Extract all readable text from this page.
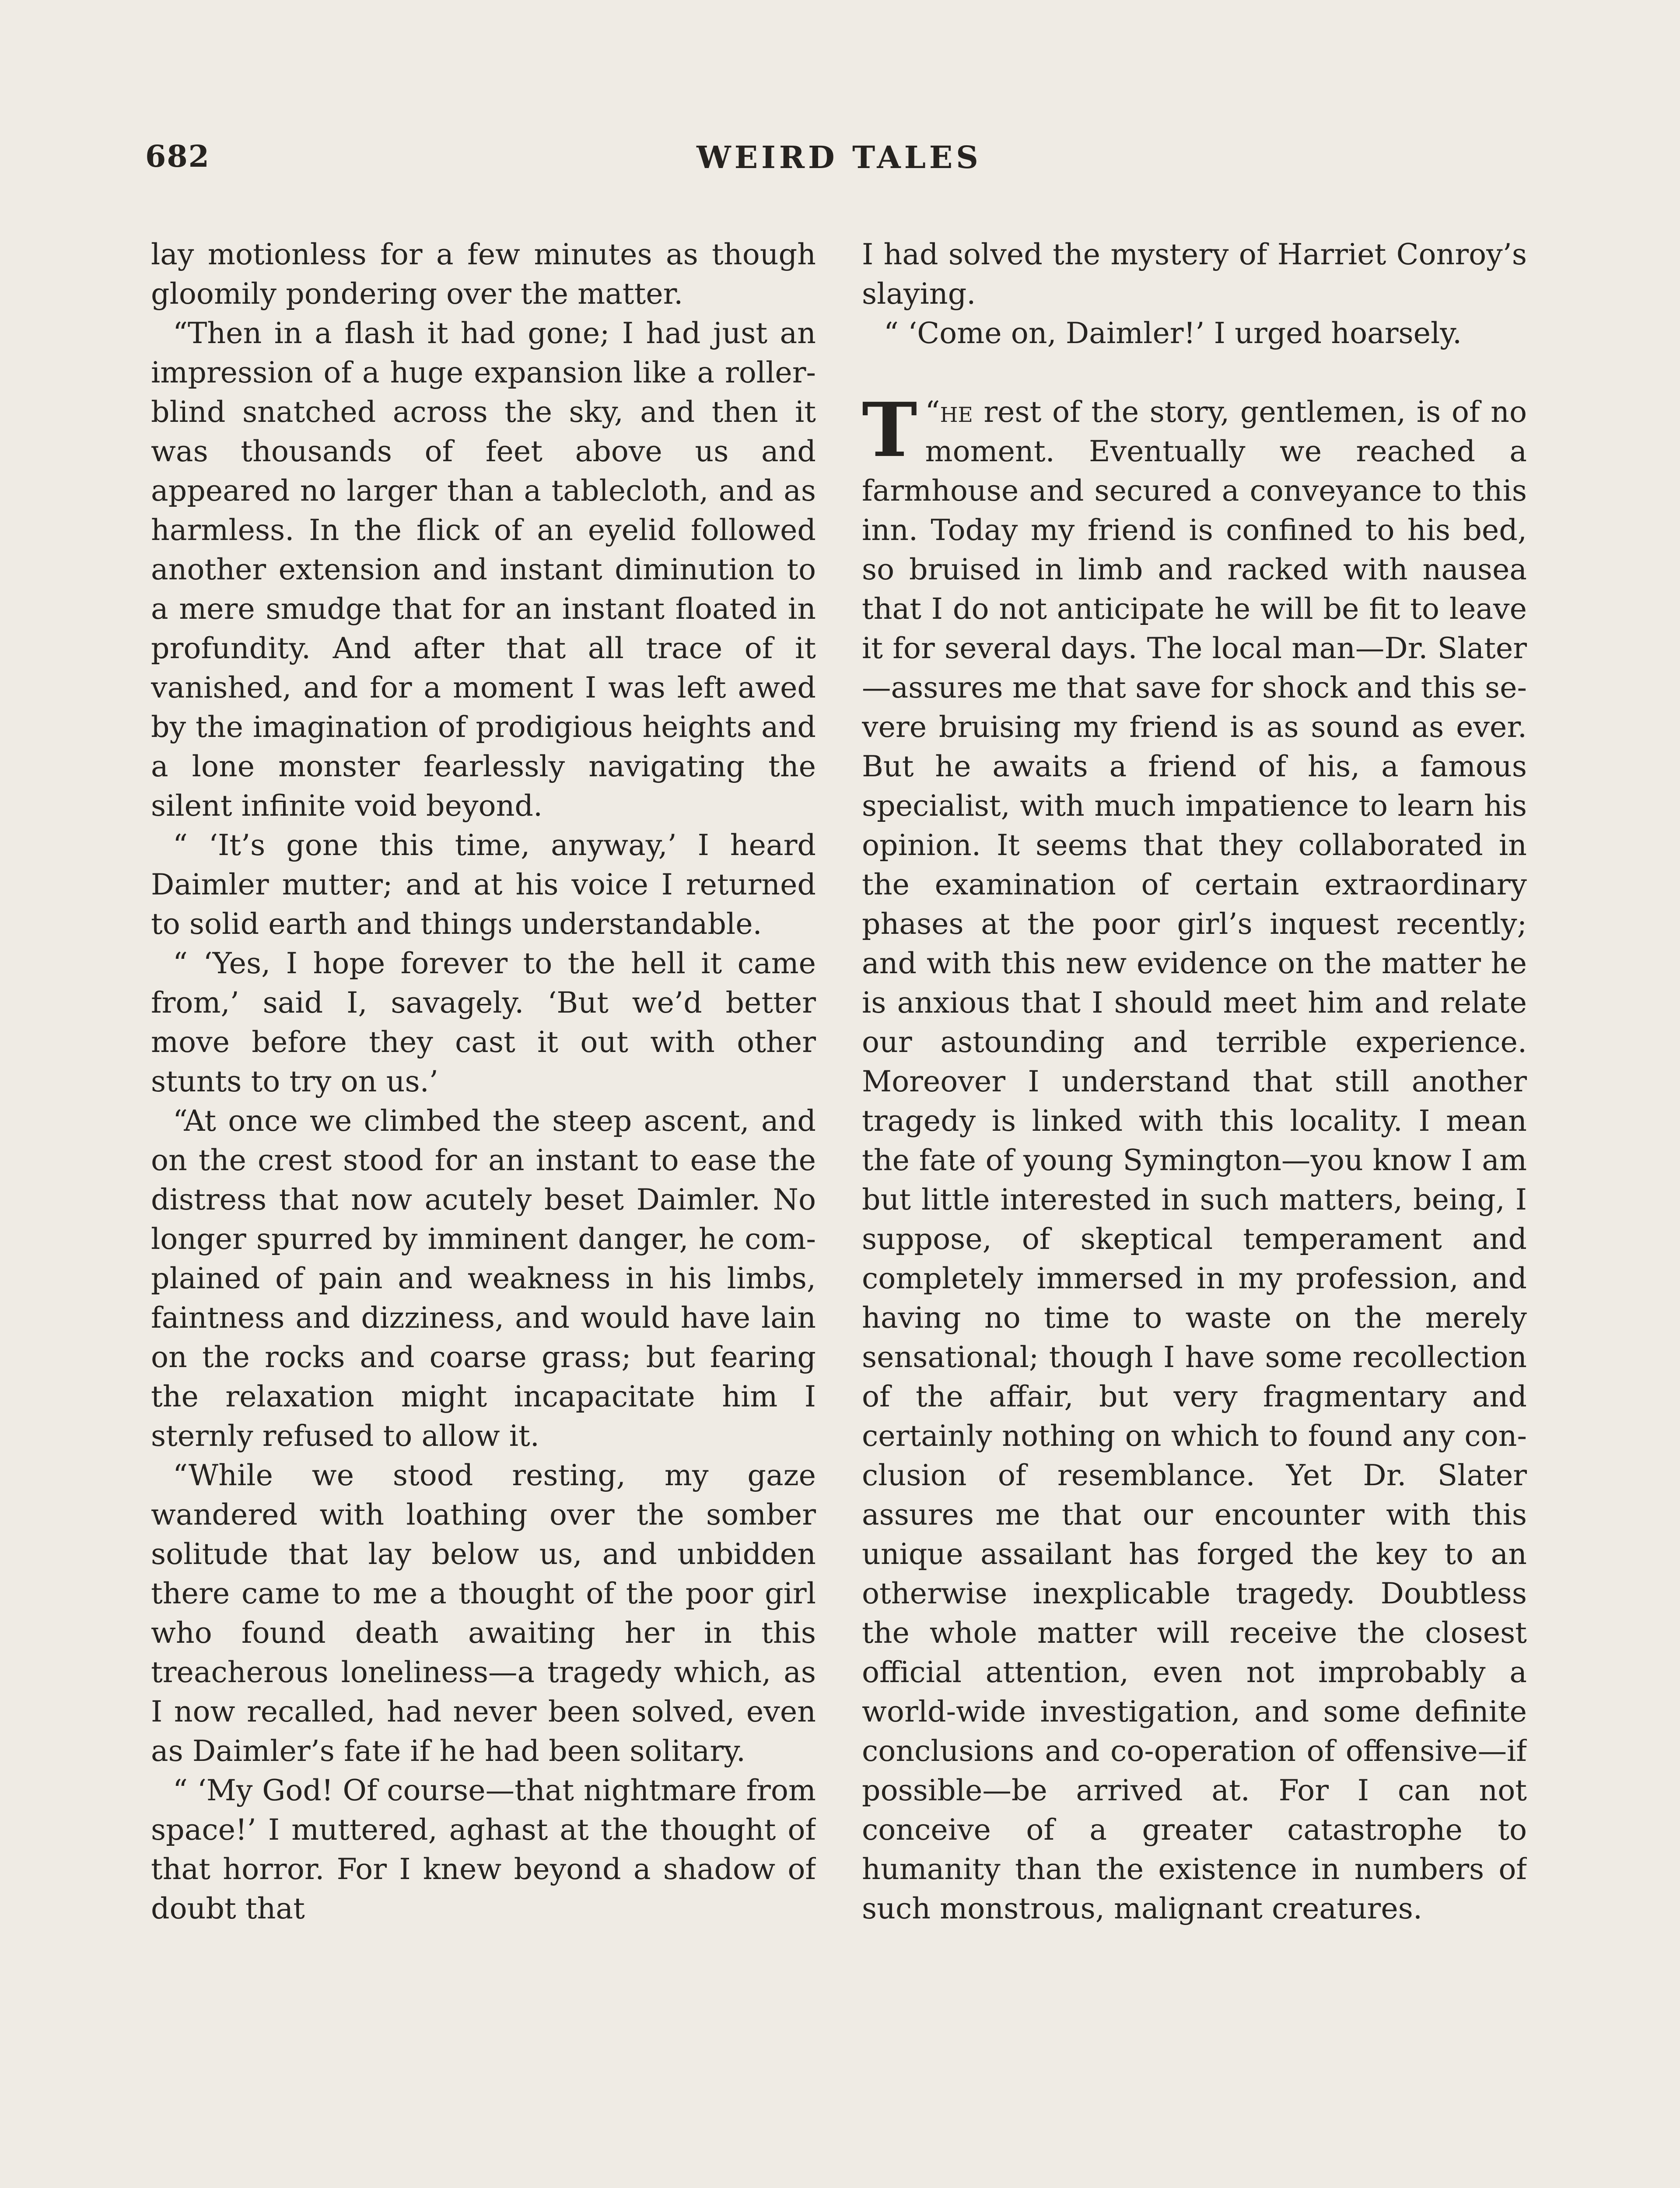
682	WEIRD TALES

lay motionless for a few minutes as though gloomily pondering over the matter.

“Then in a flash it had gone; I had just an impression of a huge expansion like a roller-blind snatched across the sky, and then it was thousands of feet above us and appeared no larger than a tablecloth, and as harmless. In the flick of an eyelid followed another extension and instant diminution to a mere smudge that for an instant floated in profundity. And after that all trace of it vanished, and for a moment I was left awed by the imagination of prodigious heights and a lone monster fearlessly navigating the silent infinite void beyond.

“ ‘It’s gone this time, anyway,’ I heard Daimler mutter; and at his voice I returned to solid earth and things understandable.

“ ‘Yes, I hope forever to the hell it came from,’ said I, savagely. ‘But we’d better move before they cast it out with other stunts to try on us.’

“At once we climbed the steep ascent, and on the crest stood for an instant to ease the distress that now acutely beset Daimler. No longer spurred by imminent danger, he complained of pain and weakness in his limbs, faintness and dizziness, and would have lain on the rocks and coarse grass; but fearing the relaxation might incapacitate him I sternly refused to allow it.

“While we stood resting, my gaze wandered with loathing over the somber solitude that lay below us, and unbidden there came to me a thought of the poor girl who found death awaiting her in this treacherous loneliness—a tragedy which, as I now recalled, had never been solved, even as Daimler’s fate if he had been solitary.

“ ‘My God! Of course—that nightmare from space!’ I muttered, aghast at the thought of that horror. For I knew beyond a shadow of doubt that

I had solved the mystery of Harriet Conroy’s slaying.

“ ‘Come on, Daimler!’ I urged hoarsely.

“
T he rest of the story, gentlemen, is of no moment. Eventually we reached a farmhouse and secured a conveyance to this inn. Today my friend is confined to his bed, so bruised in limb and racked with nausea that I do not anticipate he will be fit to leave it for several days. The local man—Dr. Slater—assures me that save for shock and this severe bruising my friend is as sound as ever. But he awaits a friend of his, a famous specialist, with much impatience to learn his opinion. It seems that they collaborated in the examination of certain extraordinary phases at the poor girl’s inquest recently; and with this new evidence on the matter he is anxious that I should meet him and relate our astounding and terrible experience. Moreover I understand that still another tragedy is linked with this locality. I mean the fate of young Symington—you know I am but little interested in such matters, being, I suppose, of skeptical temperament and completely immersed in my profession, and having no time to waste on the merely sensational; though I have some recollection of the affair, but very fragmentary and certainly nothing on which to found any conclusion of resemblance. Yet Dr. Slater assures me that our encounter with this unique assailant has forged the key to an otherwise inexplicable tragedy. Doubtless the whole matter will receive the closest official attention, even not improbably a world-wide investigation, and some definite conclusions and co-operation of offensive—if possible—be arrived at. For I can not conceive of a greater catastrophe to humanity than the existence in numbers of such monstrous, malignant creatures.
